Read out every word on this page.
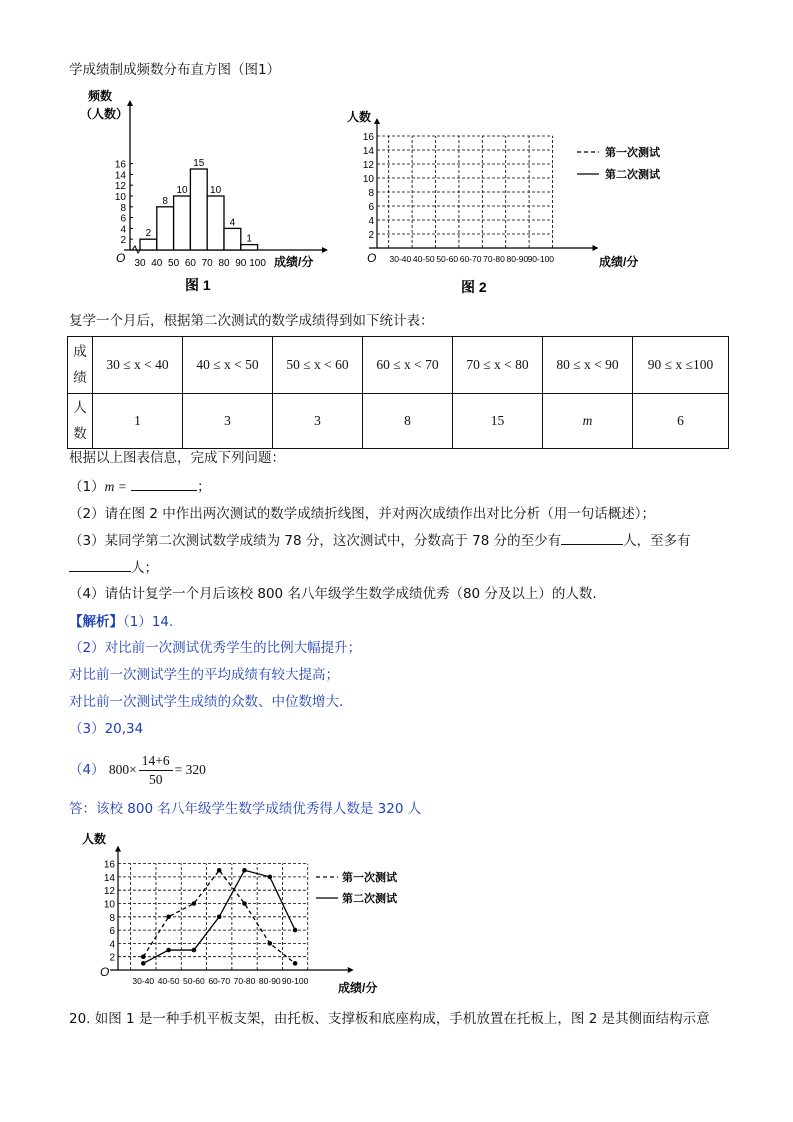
学成绩制成频数分布直方图（图1）
2
4
6
8
10
12
14
16
30 40 50 60 70 80 90 100
2
8
10
15
10
4
1
频数
（人数）
O	成绩/分
图 1
2
4
6
8
10
12
14
16
30-40 40-50 50-60 60-70 70-80 80-90 90-100
人数
O	成绩/分
第一次测试
第二次测试
图 2
复学一个月后，根据第二次测试的数学成绩得到如下统计表：
成
绩	30 ≤ x < 40	40 ≤ x < 50	50 ≤ x < 60	60 ≤ x < 70	70 ≤ x < 80	80 ≤ x < 90	90 ≤ x ≤100
人
数	1	3	3	8	15	m	6
根据以上图表信息，完成下列问题：
（1）m =	；
（2）请在图 2 中作出两次测试的数学成绩折线图，并对两次成绩作出对比分析（用一句话概述）；
（3）某同学第二次测试数学成绩为 78 分，这次测试中，分数高于 78 分的至少有	人，至多有
人；
（4）请估计复学一个月后该校 800 名八年级学生数学成绩优秀（80 分及以上）的人数.
【解析】（1）14.
（2）对比前一次测试优秀学生的比例大幅提升；
对比前一次测试学生的平均成绩有较大提高；
对比前一次测试学生成绩的众数、中位数增大.
（3）20,34
（4） $800\times \frac{14+6}{50} = 320$
答：该校 800 名八年级学生数学成绩优秀得人数是 320 人
2
4
6
8
10
12
14
16
30-40 40-50 50-60 60-70 70-80 80-90 90-100
人数
O
成绩/分
第一次测试
第二次测试
20. 如图 1 是一种手机平板支架，由托板、支撑板和底座构成，手机放置在托板上，图 2 是其侧面结构示意
